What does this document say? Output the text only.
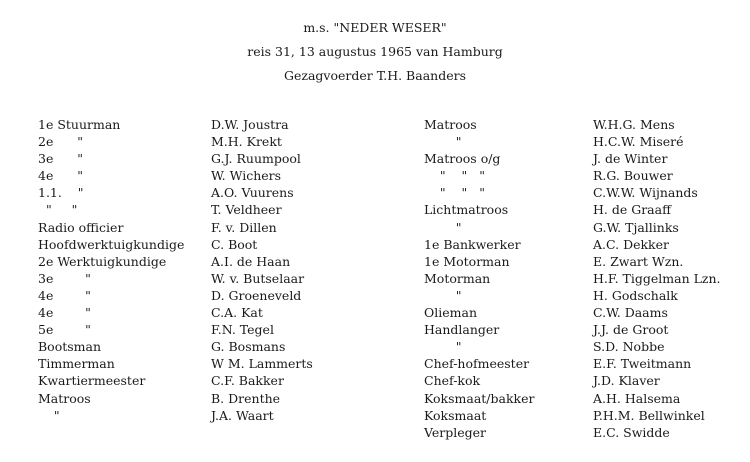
m.s. "NEDER WESER"
reis 31, 13 augustus 1965 van Hamburg
Gezagvoerder T.H. Baanders
1e Stuurman
2e      "
3e      "
4e      "
1.1.    "
"     "
Radio officier
Hoofdwerktuigkundige
2e Werktuigkundige
3e        "
4e        "
4e        "
5e        "
Bootsman
Timmerman
Kwartiermeester
Matroos
"
D.W. Joustra
M.H. Krekt
G.J. Ruumpool
W. Wichers
A.O. Vuurens
T. Veldheer
F. v. Dillen
C. Boot
A.I. de Haan
W. v. Butselaar
D. Groeneveld
C.A. Kat
F.N. Tegel
G. Bosmans
W M. Lammerts
C.F. Bakker
B. Drenthe
J.A. Waart
Matroos
"
Matroos o/g
"    "   "
"    "   "
Lichtmatroos
"
1e Bankwerker
1e Motorman
Motorman
"
Olieman
Handlanger
"
Chef-hofmeester
Chef-kok
Koksmaat/bakker
Koksmaat
Verpleger
W.H.G. Mens
H.C.W. Miseré
J. de Winter
R.G. Bouwer
C.W.W. Wijnands
H. de Graaff
G.W. Tjallinks
A.C. Dekker
E. Zwart Wzn.
H.F. Tiggelman Lzn.
H. Godschalk
C.W. Daams
J.J. de Groot
S.D. Nobbe
E.F. Tweitmann
J.D. Klaver
A.H. Halsema
P.H.M. Bellwinkel
E.C. Swidde
